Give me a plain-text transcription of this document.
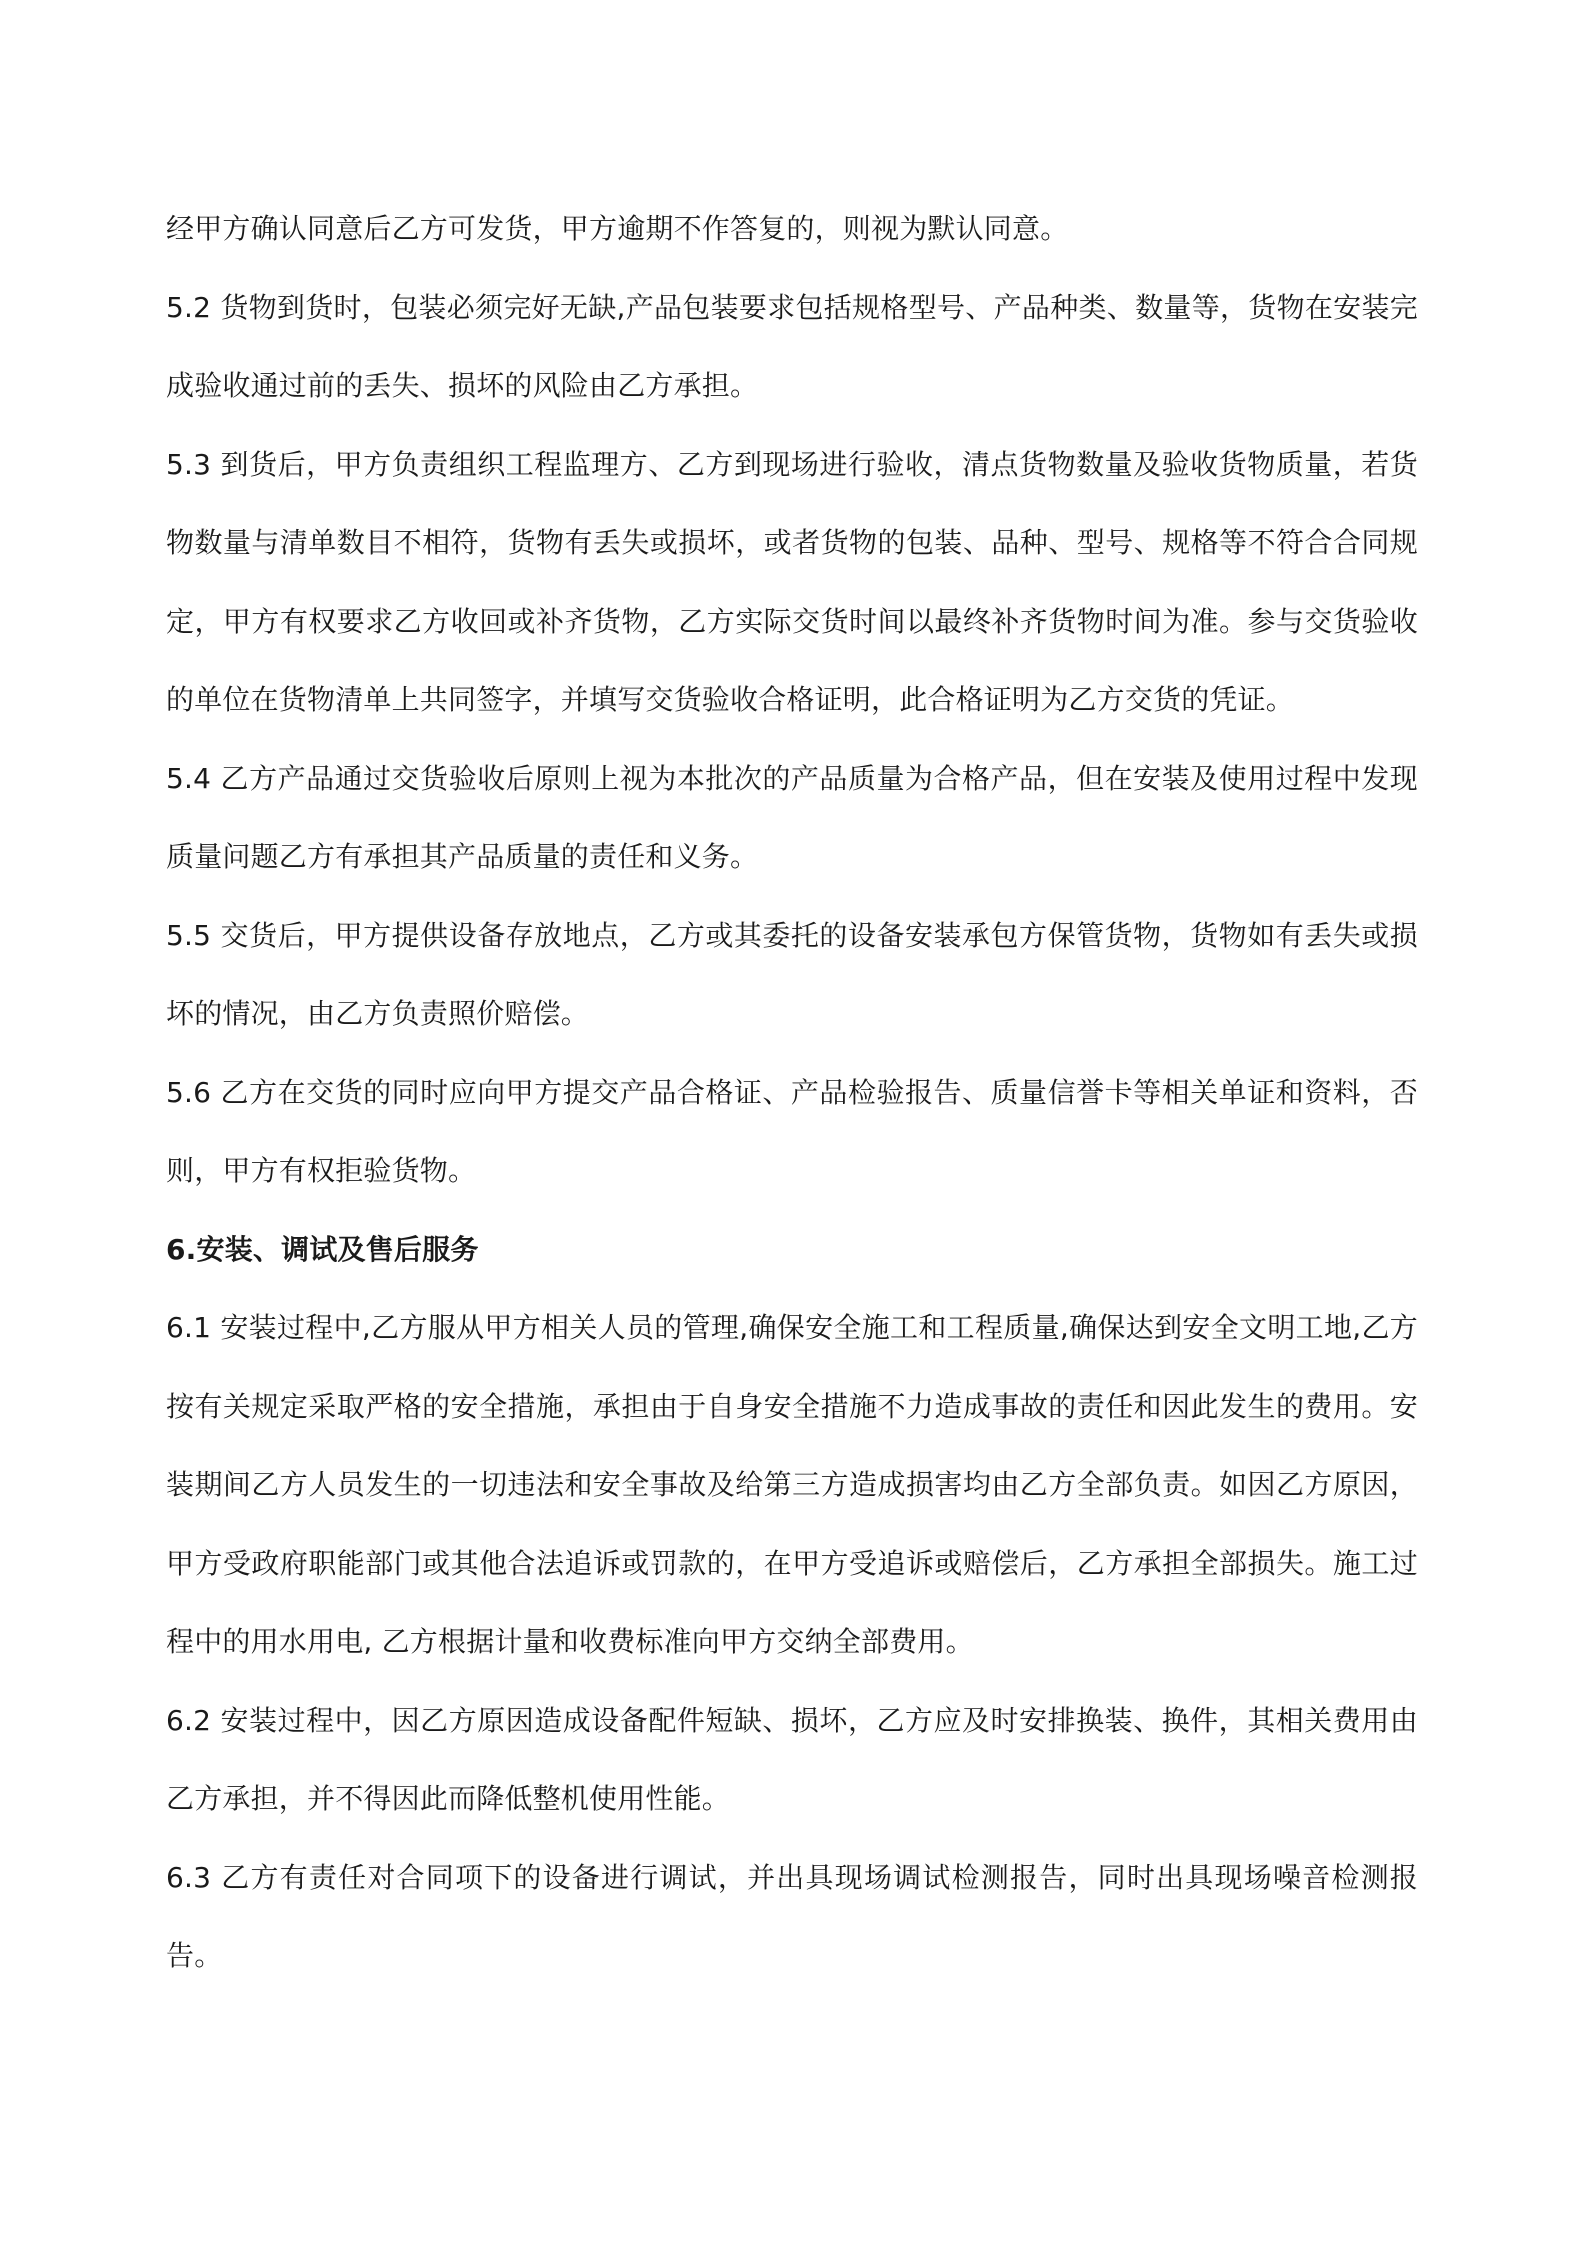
经甲方确认同意后乙方可发货，甲方逾期不作答复的，则视为默认同意。

5.2 货物到货时，包装必须完好无缺,产品包装要求包括规格型号、产品种类、数量等，货物在安装完成验收通过前的丢失、损坏的风险由乙方承担。

5.3 到货后，甲方负责组织工程监理方、乙方到现场进行验收，清点货物数量及验收货物质量，若货物数量与清单数目不相符，货物有丢失或损坏，或者货物的包装、品种、型号、规格等不符合合同规定，甲方有权要求乙方收回或补齐货物，乙方实际交货时间以最终补齐货物时间为准。参与交货验收的单位在货物清单上共同签字，并填写交货验收合格证明，此合格证明为乙方交货的凭证。

5.4 乙方产品通过交货验收后原则上视为本批次的产品质量为合格产品，但在安装及使用过程中发现质量问题乙方有承担其产品质量的责任和义务。

5.5 交货后，甲方提供设备存放地点，乙方或其委托的设备安装承包方保管货物，货物如有丢失或损坏的情况，由乙方负责照价赔偿。

5.6 乙方在交货的同时应向甲方提交产品合格证、产品检验报告、质量信誉卡等相关单证和资料，否则，甲方有权拒验货物。

6.安装、调试及售后服务

6.1 安装过程中,乙方服从甲方相关人员的管理,确保安全施工和工程质量,确保达到安全文明工地,乙方按有关规定采取严格的安全措施，承担由于自身安全措施不力造成事故的责任和因此发生的费用。安装期间乙方人员发生的一切违法和安全事故及给第三方造成损害均由乙方全部负责。如因乙方原因，甲方受政府职能部门或其他合法追诉或罚款的，在甲方受追诉或赔偿后，乙方承担全部损失。施工过程中的用水用电, 乙方根据计量和收费标准向甲方交纳全部费用。

6.2 安装过程中，因乙方原因造成设备配件短缺、损坏，乙方应及时安排换装、换件，其相关费用由乙方承担，并不得因此而降低整机使用性能。

6.3 乙方有责任对合同项下的设备进行调试，并出具现场调试检测报告，同时出具现场噪音检测报告。
